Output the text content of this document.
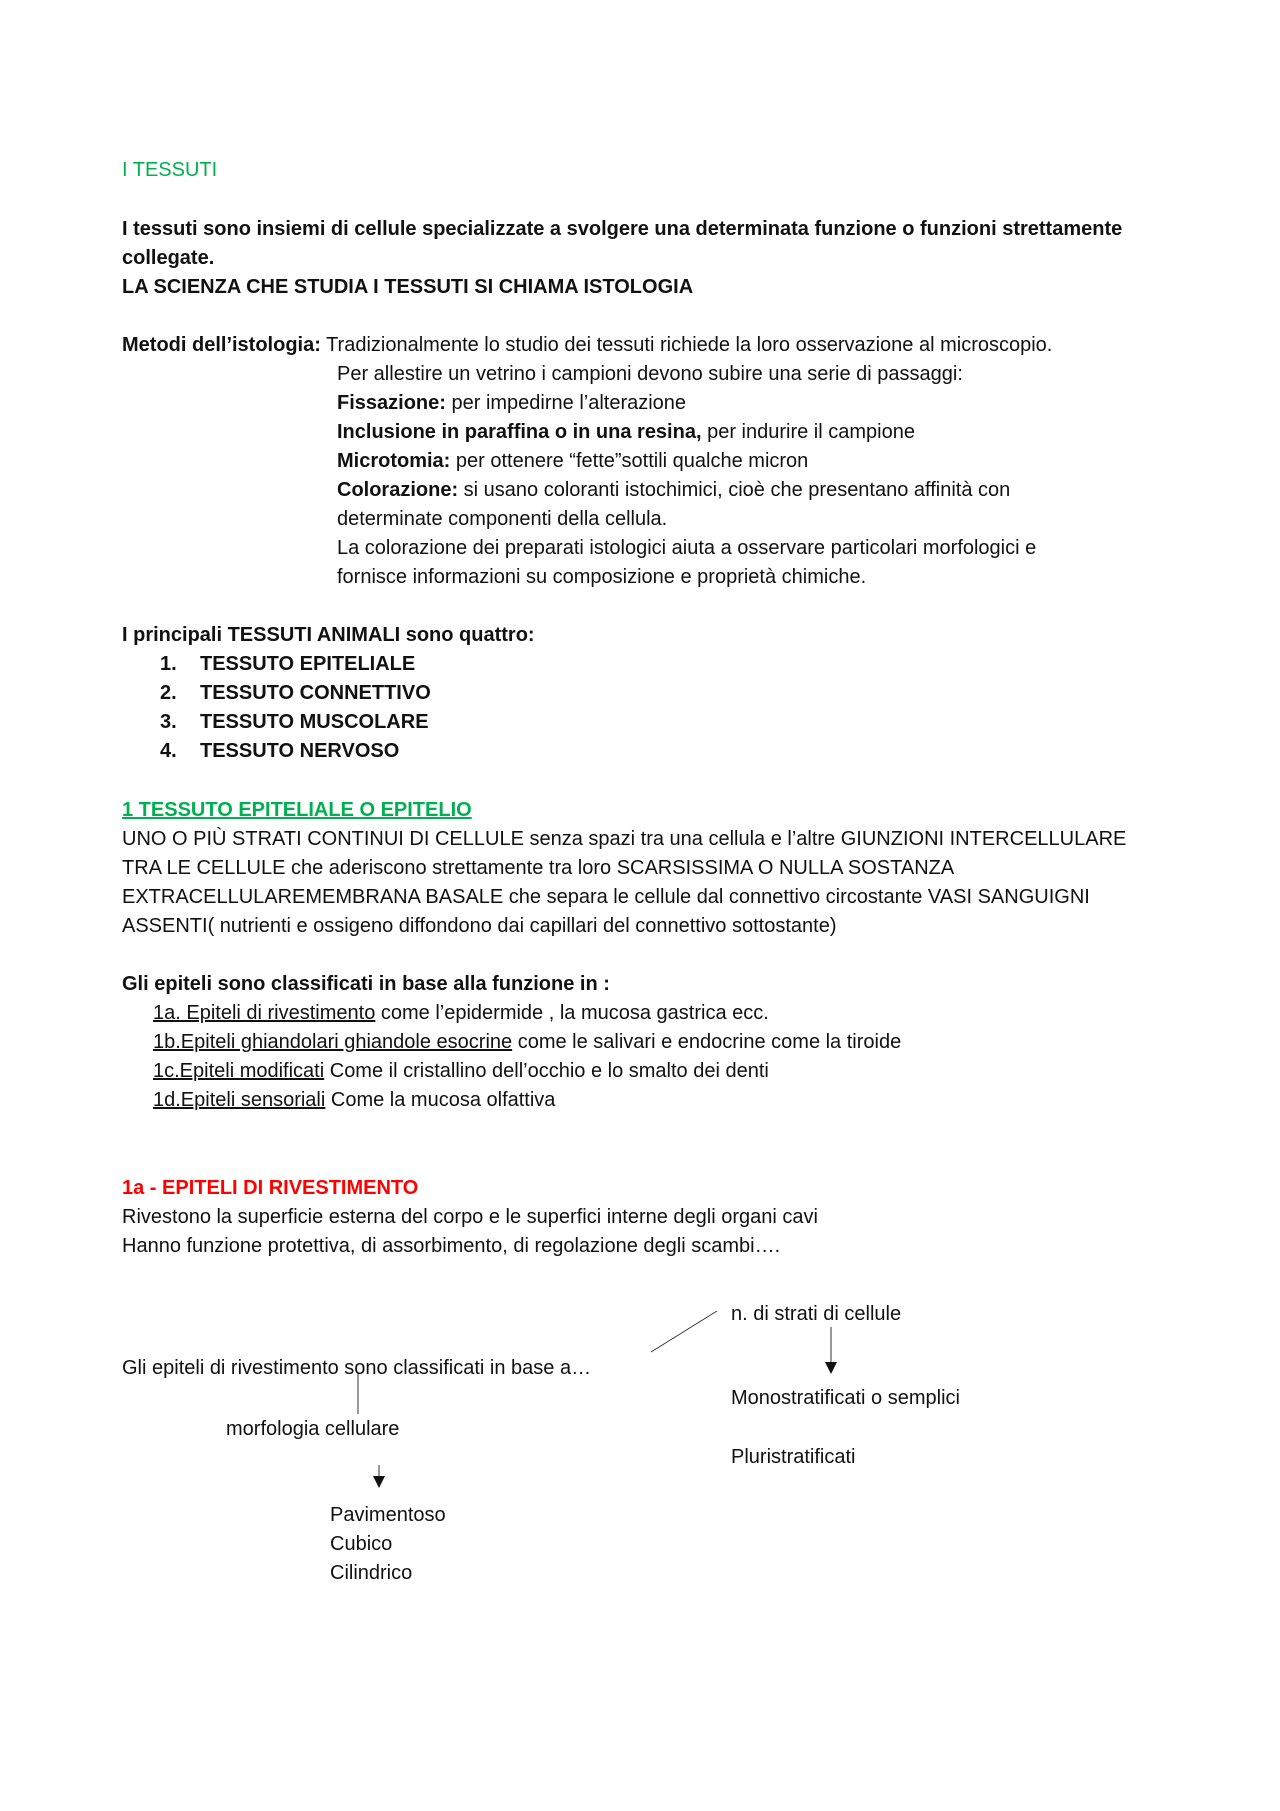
I TESSUTI
I tessuti sono insiemi di cellule specializzate a svolgere una determinata funzione o funzioni strettamente
collegate.
LA SCIENZA CHE STUDIA I TESSUTI SI CHIAMA ISTOLOGIA
Metodi dell’istologia: Tradizionalmente lo studio dei tessuti richiede la loro osservazione al microscopio.
Per allestire un vetrino i campioni devono subire una serie di passaggi:
Fissazione: per impedirne l’alterazione
Inclusione in paraffina o in una resina, per indurire il campione
Microtomia: per ottenere “fette”sottili qualche micron
Colorazione: si usano coloranti istochimici, cioè che presentano affinità con
determinate componenti della cellula.
La colorazione dei preparati istologici aiuta a osservare particolari morfologici e
fornisce informazioni su composizione e proprietà chimiche.
I principali TESSUTI ANIMALI sono quattro:
1. TESSUTO EPITELIALE
2. TESSUTO CONNETTIVO
3. TESSUTO MUSCOLARE
4. TESSUTO NERVOSO
1 TESSUTO EPITELIALE O EPITELIO
UNO O PIÙ STRATI CONTINUI DI CELLULE senza spazi tra una cellula e l’altre GIUNZIONI INTERCELLULARE
TRA LE CELLULE che aderiscono strettamente tra loro SCARSISSIMA O NULLA SOSTANZA
EXTRACELLULAREMEMBRANA BASALE che separa le cellule dal connettivo circostante VASI SANGUIGNI
ASSENTI( nutrienti e ossigeno diffondono dai capillari del connettivo sottostante)
Gli epiteli sono classificati in base alla funzione in :
1a. Epiteli di rivestimento come l’epidermide , la mucosa gastrica ecc.
1b.Epiteli ghiandolari ghiandole esocrine come le salivari e endocrine come la tiroide
1c.Epiteli modificati Come il cristallino dell’occhio e lo smalto dei denti
1d.Epiteli sensoriali Come la mucosa olfattiva
1a - EPITELI DI RIVESTIMENTO
Rivestono la superficie esterna del corpo e le superfici interne degli organi cavi
Hanno funzione protettiva, di assorbimento, di regolazione degli scambi….
n. di strati di cellule
Gli epiteli di rivestimento sono classificati in base a…
Monostratificati o semplici
morfologia cellulare
Pluristratificati
Pavimentoso
Cubico
Cilindrico
